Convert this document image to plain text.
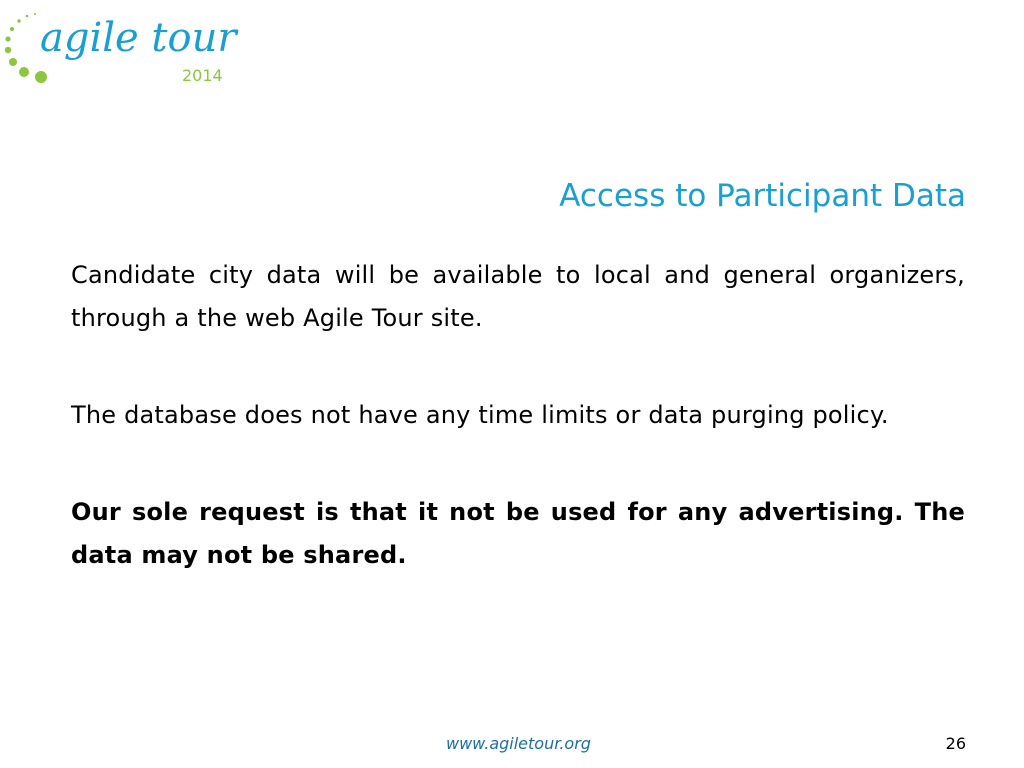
agile tour
2014
Access to Participant Data

Candidate city data will be available to local and general organizers, through a the web Agile Tour site.

The database does not have any time limits or data purging policy.

Our sole request is that it not be used for any advertising. The data may not be shared.

www.agiletour.org	26
